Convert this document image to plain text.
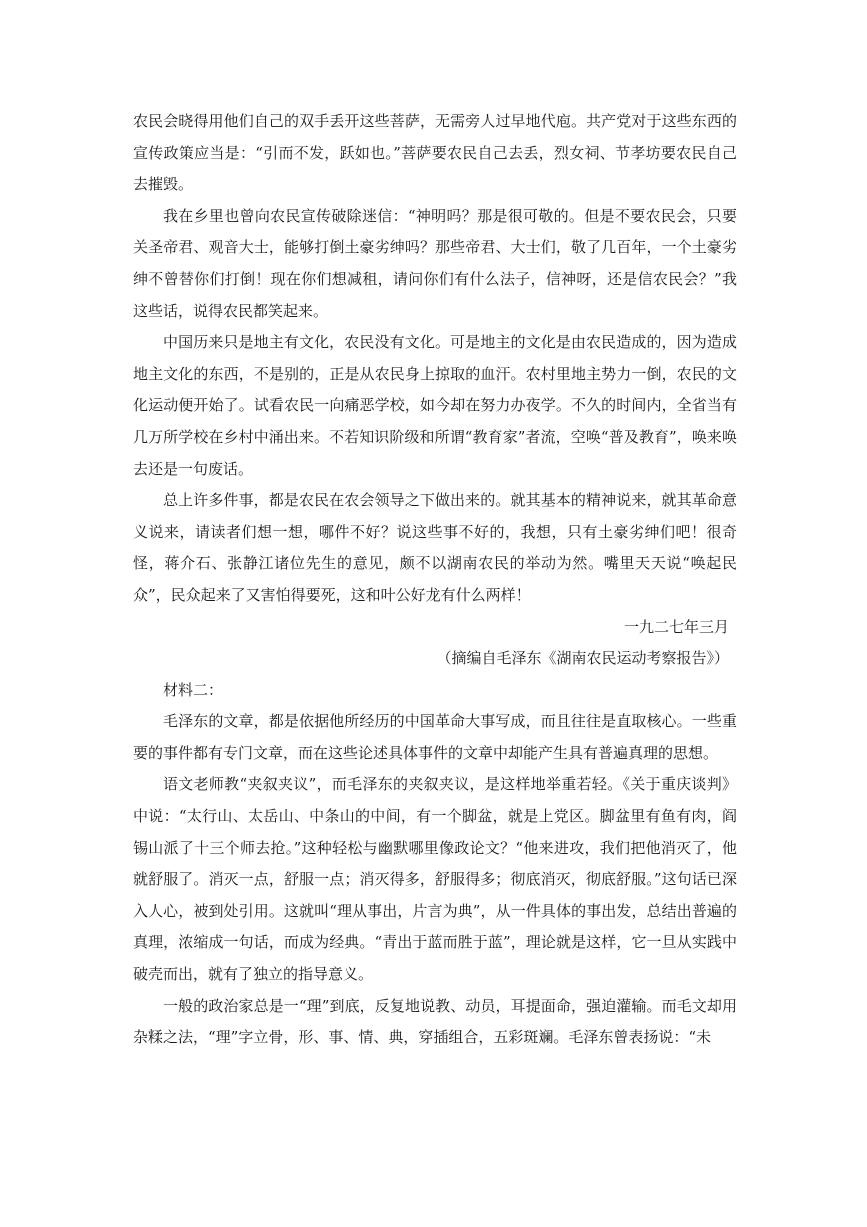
农民会晓得用他们自己的双手丢开这些菩萨，无需旁人过早地代庖。共产党对于这些东西的宣传政策应当是：“引而不发，跃如也。”菩萨要农民自己去丢，烈女祠、节孝坊要农民自己去摧毁。

我在乡里也曾向农民宣传破除迷信：“神明吗？那是很可敬的。但是不要农民会，只要关圣帝君、观音大士，能够打倒土豪劣绅吗？那些帝君、大士们，敬了几百年，一个土豪劣绅不曾替你们打倒！现在你们想减租，请问你们有什么法子，信神呀，还是信农民会？”我这些话，说得农民都笑起来。

中国历来只是地主有文化，农民没有文化。可是地主的文化是由农民造成的，因为造成地主文化的东西，不是别的，正是从农民身上掠取的血汗。农村里地主势力一倒，农民的文化运动便开始了。试看农民一向痛恶学校，如今却在努力办夜学。不久的时间内，全省当有几万所学校在乡村中涌出来。不若知识阶级和所谓“教育家”者流，空唤“普及教育”，唤来唤去还是一句废话。

总上许多件事，都是农民在农会领导之下做出来的。就其基本的精神说来，就其革命意义说来，请读者们想一想，哪件不好？说这些事不好的，我想，只有土豪劣绅们吧！很奇怪，蒋介石、张静江诸位先生的意见，颇不以湖南农民的举动为然。嘴里天天说“唤起民众”，民众起来了又害怕得要死，这和叶公好龙有什么两样！

一九二七年三月

（摘编自毛泽东《湖南农民运动考察报告》）

材料二：

毛泽东的文章，都是依据他所经历的中国革命大事写成，而且往往是直取核心。一些重要的事件都有专门文章，而在这些论述具体事件的文章中却能产生具有普遍真理的思想。

语文老师教“夹叙夹议”，而毛泽东的夹叙夹议，是这样地举重若轻。《关于重庆谈判》中说：“太行山、太岳山、中条山的中间，有一个脚盆，就是上党区。脚盆里有鱼有肉，阎锡山派了十三个师去抢。”这种轻松与幽默哪里像政论文？“他来进攻，我们把他消灭了，他就舒服了。消灭一点，舒服一点；消灭得多，舒服得多；彻底消灭，彻底舒服。”这句话已深入人心，被到处引用。这就叫“理从事出，片言为典”，从一件具体的事出发，总结出普遍的真理，浓缩成一句话，而成为经典。“青出于蓝而胜于蓝”，理论就是这样，它一旦从实践中破壳而出，就有了独立的指导意义。

一般的政治家总是一“理”到底，反复地说教、动员，耳提面命，强迫灌输。而毛文却用杂糅之法，“理”字立骨，形、事、情、典，穿插组合，五彩斑斓。毛泽东曾表扬说：“未
